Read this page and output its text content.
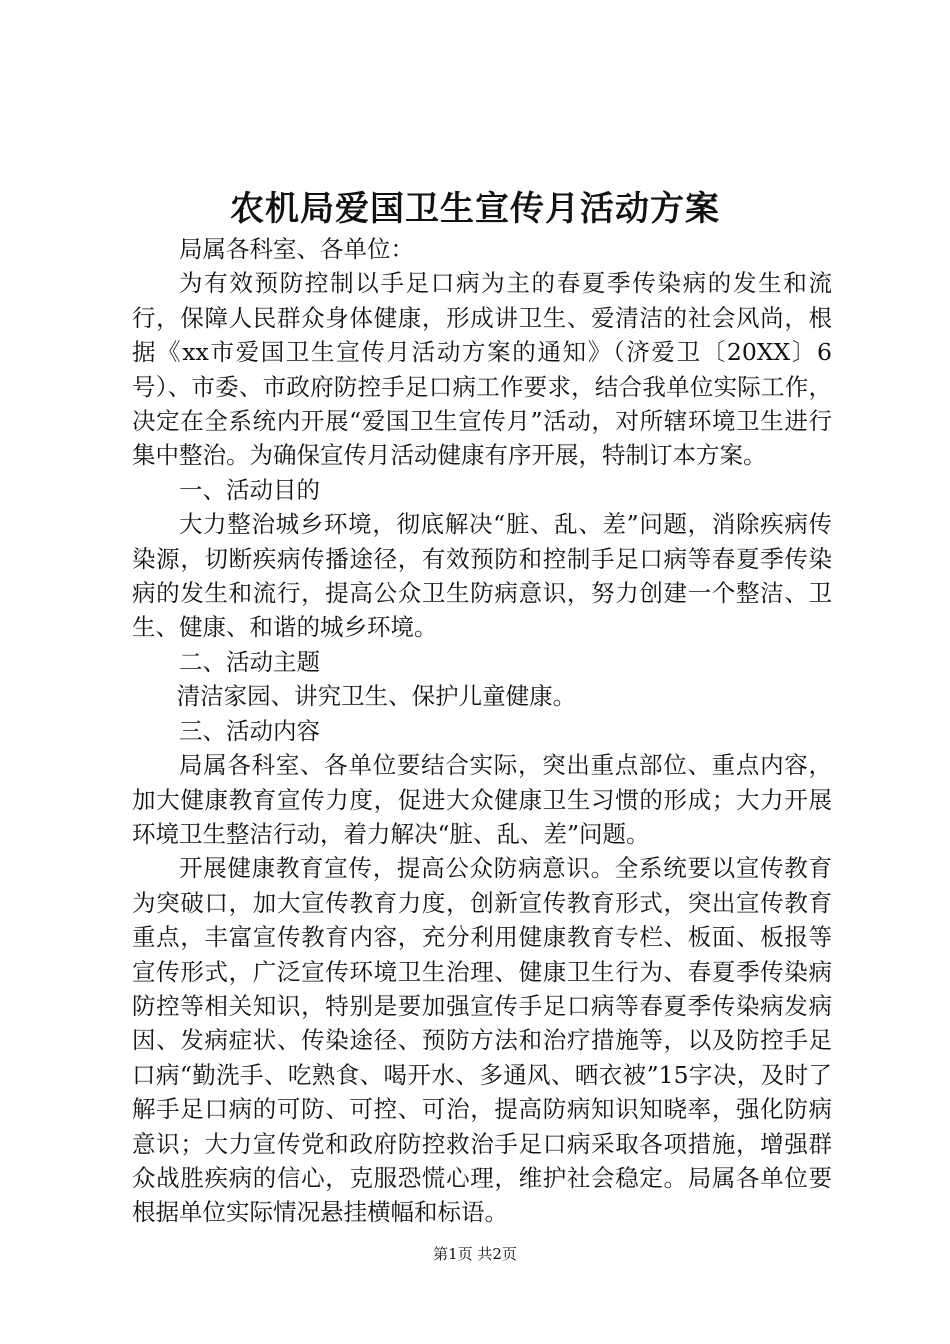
农机局爱国卫生宣传月活动方案

局属各科室、各单位：

为有效预防控制以手足口病为主的春夏季传染病的发生和流行，保障人民群众身体健康，形成讲卫生、爱清洁的社会风尚，根据《xx市爱国卫生宣传月活动方案的通知》（济爱卫〔20XX〕6号）、市委、市政府防控手足口病工作要求，结合我单位实际工作，决定在全系统内开展“爱国卫生宣传月”活动，对所辖环境卫生进行集中整治。为确保宣传月活动健康有序开展，特制订本方案。

一、活动目的

大力整治城乡环境，彻底解决“脏、乱、差”问题，消除疾病传染源，切断疾病传播途径，有效预防和控制手足口病等春夏季传染病的发生和流行，提高公众卫生防病意识，努力创建一个整洁、卫生、健康、和谐的城乡环境。

二、活动主题

清洁家园、讲究卫生、保护儿童健康。

三、活动内容

局属各科室、各单位要结合实际，突出重点部位、重点内容，加大健康教育宣传力度，促进大众健康卫生习惯的形成；大力开展环境卫生整洁行动，着力解决“脏、乱、差”问题。

开展健康教育宣传，提高公众防病意识。全系统要以宣传教育为突破口，加大宣传教育力度，创新宣传教育形式，突出宣传教育重点，丰富宣传教育内容，充分利用健康教育专栏、板面、板报等宣传形式，广泛宣传环境卫生治理、健康卫生行为、春夏季传染病防控等相关知识，特别是要加强宣传手足口病等春夏季传染病发病因、发病症状、传染途径、预防方法和治疗措施等，以及防控手足口病“勤洗手、吃熟食、喝开水、多通风、晒衣被”15字决，及时了解手足口病的可防、可控、可治，提高防病知识知晓率，强化防病意识；大力宣传党和政府防控救治手足口病采取各项措施，增强群众战胜疾病的信心，克服恐慌心理，维护社会稳定。局属各单位要根据单位实际情况悬挂横幅和标语。

第1页 共2页
